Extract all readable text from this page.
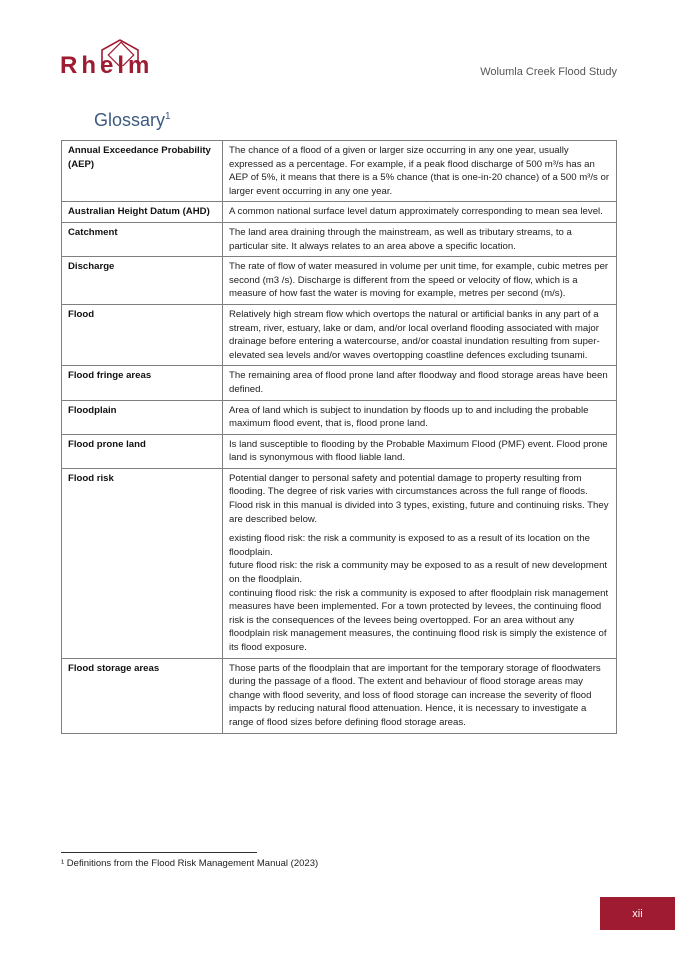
Rhelm	Wolumla Creek Flood Study
Glossary$^1$
Annual Exceedance Probability (AEP)	The chance of a flood of a given or larger size occurring in any one year, usually expressed as a percentage. For example, if a peak flood discharge of 500 m³/s has an AEP of 5%, it means that there is a 5% chance (that is one-in-20 chance) of a 500 m³/s or larger event occurring in any one year.

Australian Height Datum (AHD)	A common national surface level datum approximately corresponding to mean sea level.

Catchment	The land area draining through the mainstream, as well as tributary streams, to a particular site. It always relates to an area above a specific location.

Discharge	The rate of flow of water measured in volume per unit time, for example, cubic metres per second (m3 /s). Discharge is different from the speed or velocity of flow, which is a measure of how fast the water is moving for example, metres per second (m/s).

Flood	Relatively high stream flow which overtops the natural or artificial banks in any part of a stream, river, estuary, lake or dam, and/or local overland flooding associated with major drainage before entering a watercourse, and/or coastal inundation resulting from super-elevated sea levels and/or waves overtopping coastline defences excluding tsunami.

Flood fringe areas	The remaining area of flood prone land after floodway and flood storage areas have been defined.

Floodplain	Area of land which is subject to inundation by floods up to and including the probable maximum flood event, that is, flood prone land.

Flood prone land	Is land susceptible to flooding by the Probable Maximum Flood (PMF) event. Flood prone land is synonymous with flood liable land.

Flood risk	Potential danger to personal safety and potential damage to property resulting from flooding. The degree of risk varies with circumstances across the full range of floods. Flood risk in this manual is divided into 3 types, existing, future and continuing risks. They are described below.

existing flood risk: the risk a community is exposed to as a result of its location on the floodplain.

future flood risk: the risk a community may be exposed to as a result of new development on the floodplain.

continuing flood risk: the risk a community is exposed to after floodplain risk management measures have been implemented. For a town protected by levees, the continuing flood risk is the consequences of the levees being overtopped. For an area without any floodplain risk management measures, the continuing flood risk is simply the existence of its flood exposure.

Flood storage areas	Those parts of the floodplain that are important for the temporary storage of floodwaters during the passage of a flood. The extent and behaviour of flood storage areas may change with flood severity, and loss of flood storage can increase the severity of flood impacts by reducing natural flood attenuation. Hence, it is necessary to investigate a range of flood sizes before defining flood storage areas.

¹ Definitions from the Flood Risk Management Manual (2023)
xii
